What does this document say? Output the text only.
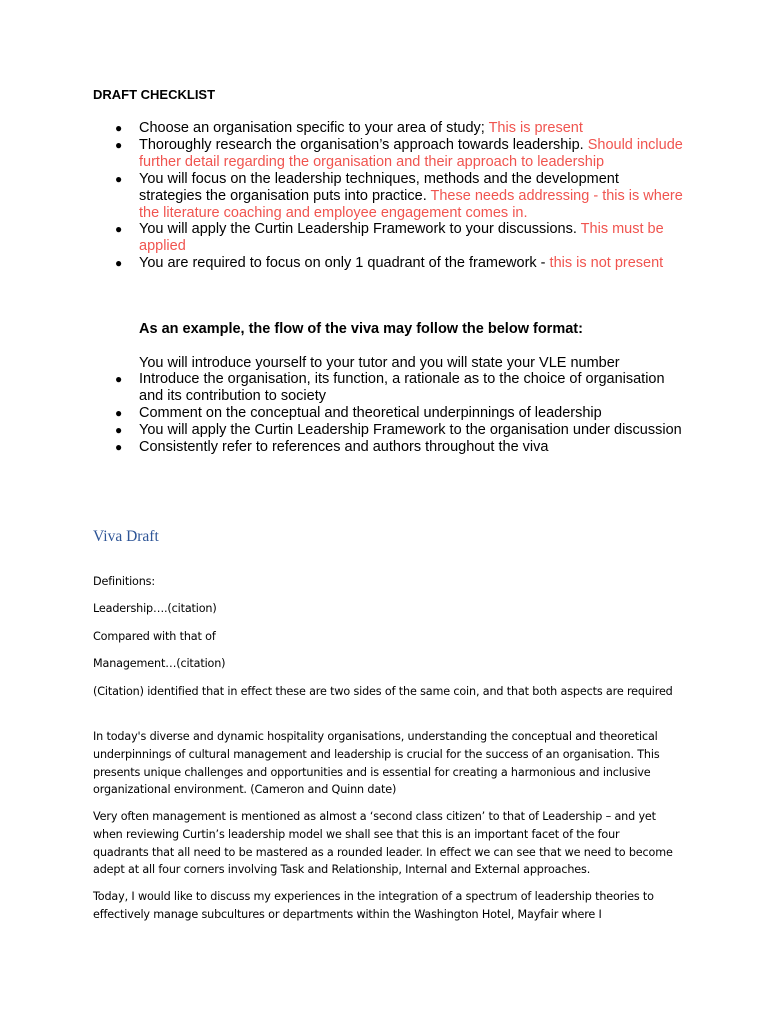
DRAFT CHECKLIST
● Choose an organisation specific to your area of study; This is present
● Thoroughly research the organisation’s approach towards leadership. Should include further detail regarding the organisation and their approach to leadership
● You will focus on the leadership techniques, methods and the development strategies the organisation puts into practice. These needs addressing - this is where the literature coaching and employee engagement comes in.
● You will apply the Curtin Leadership Framework to your discussions. This must be applied
● You are required to focus on only 1 quadrant of the framework - this is not present

As an example, the flow of the viva may follow the below format:

You will introduce yourself to your tutor and you will state your VLE number

● Introduce the organisation, its function, a rationale as to the choice of organisation and its contribution to society
● Comment on the conceptual and theoretical underpinnings of leadership
● You will apply the Curtin Leadership Framework to the organisation under discussion
● Consistently refer to references and authors throughout the viva
Viva Draft

Definitions:

Leadership….(citation)

Compared with that of

Management…(citation)

(Citation) identified that in effect these are two sides of the same coin, and that both aspects are required

In today's diverse and dynamic hospitality organisations, understanding the conceptual and theoretical underpinnings of cultural management and leadership is crucial for the success of an organisation. This presents unique challenges and opportunities and is essential for creating a harmonious and inclusive organizational environment. (Cameron and Quinn date)

Very often management is mentioned as almost a ‘second class citizen’ to that of Leadership – and yet when reviewing Curtin’s leadership model we shall see that this is an important facet of the four quadrants that all need to be mastered as a rounded leader. In effect we can see that we need to become adept at all four corners involving Task and Relationship, Internal and External approaches.

Today, I would like to discuss my experiences in the integration of a spectrum of leadership theories to effectively manage subcultures or departments within the Washington Hotel, Mayfair where I
